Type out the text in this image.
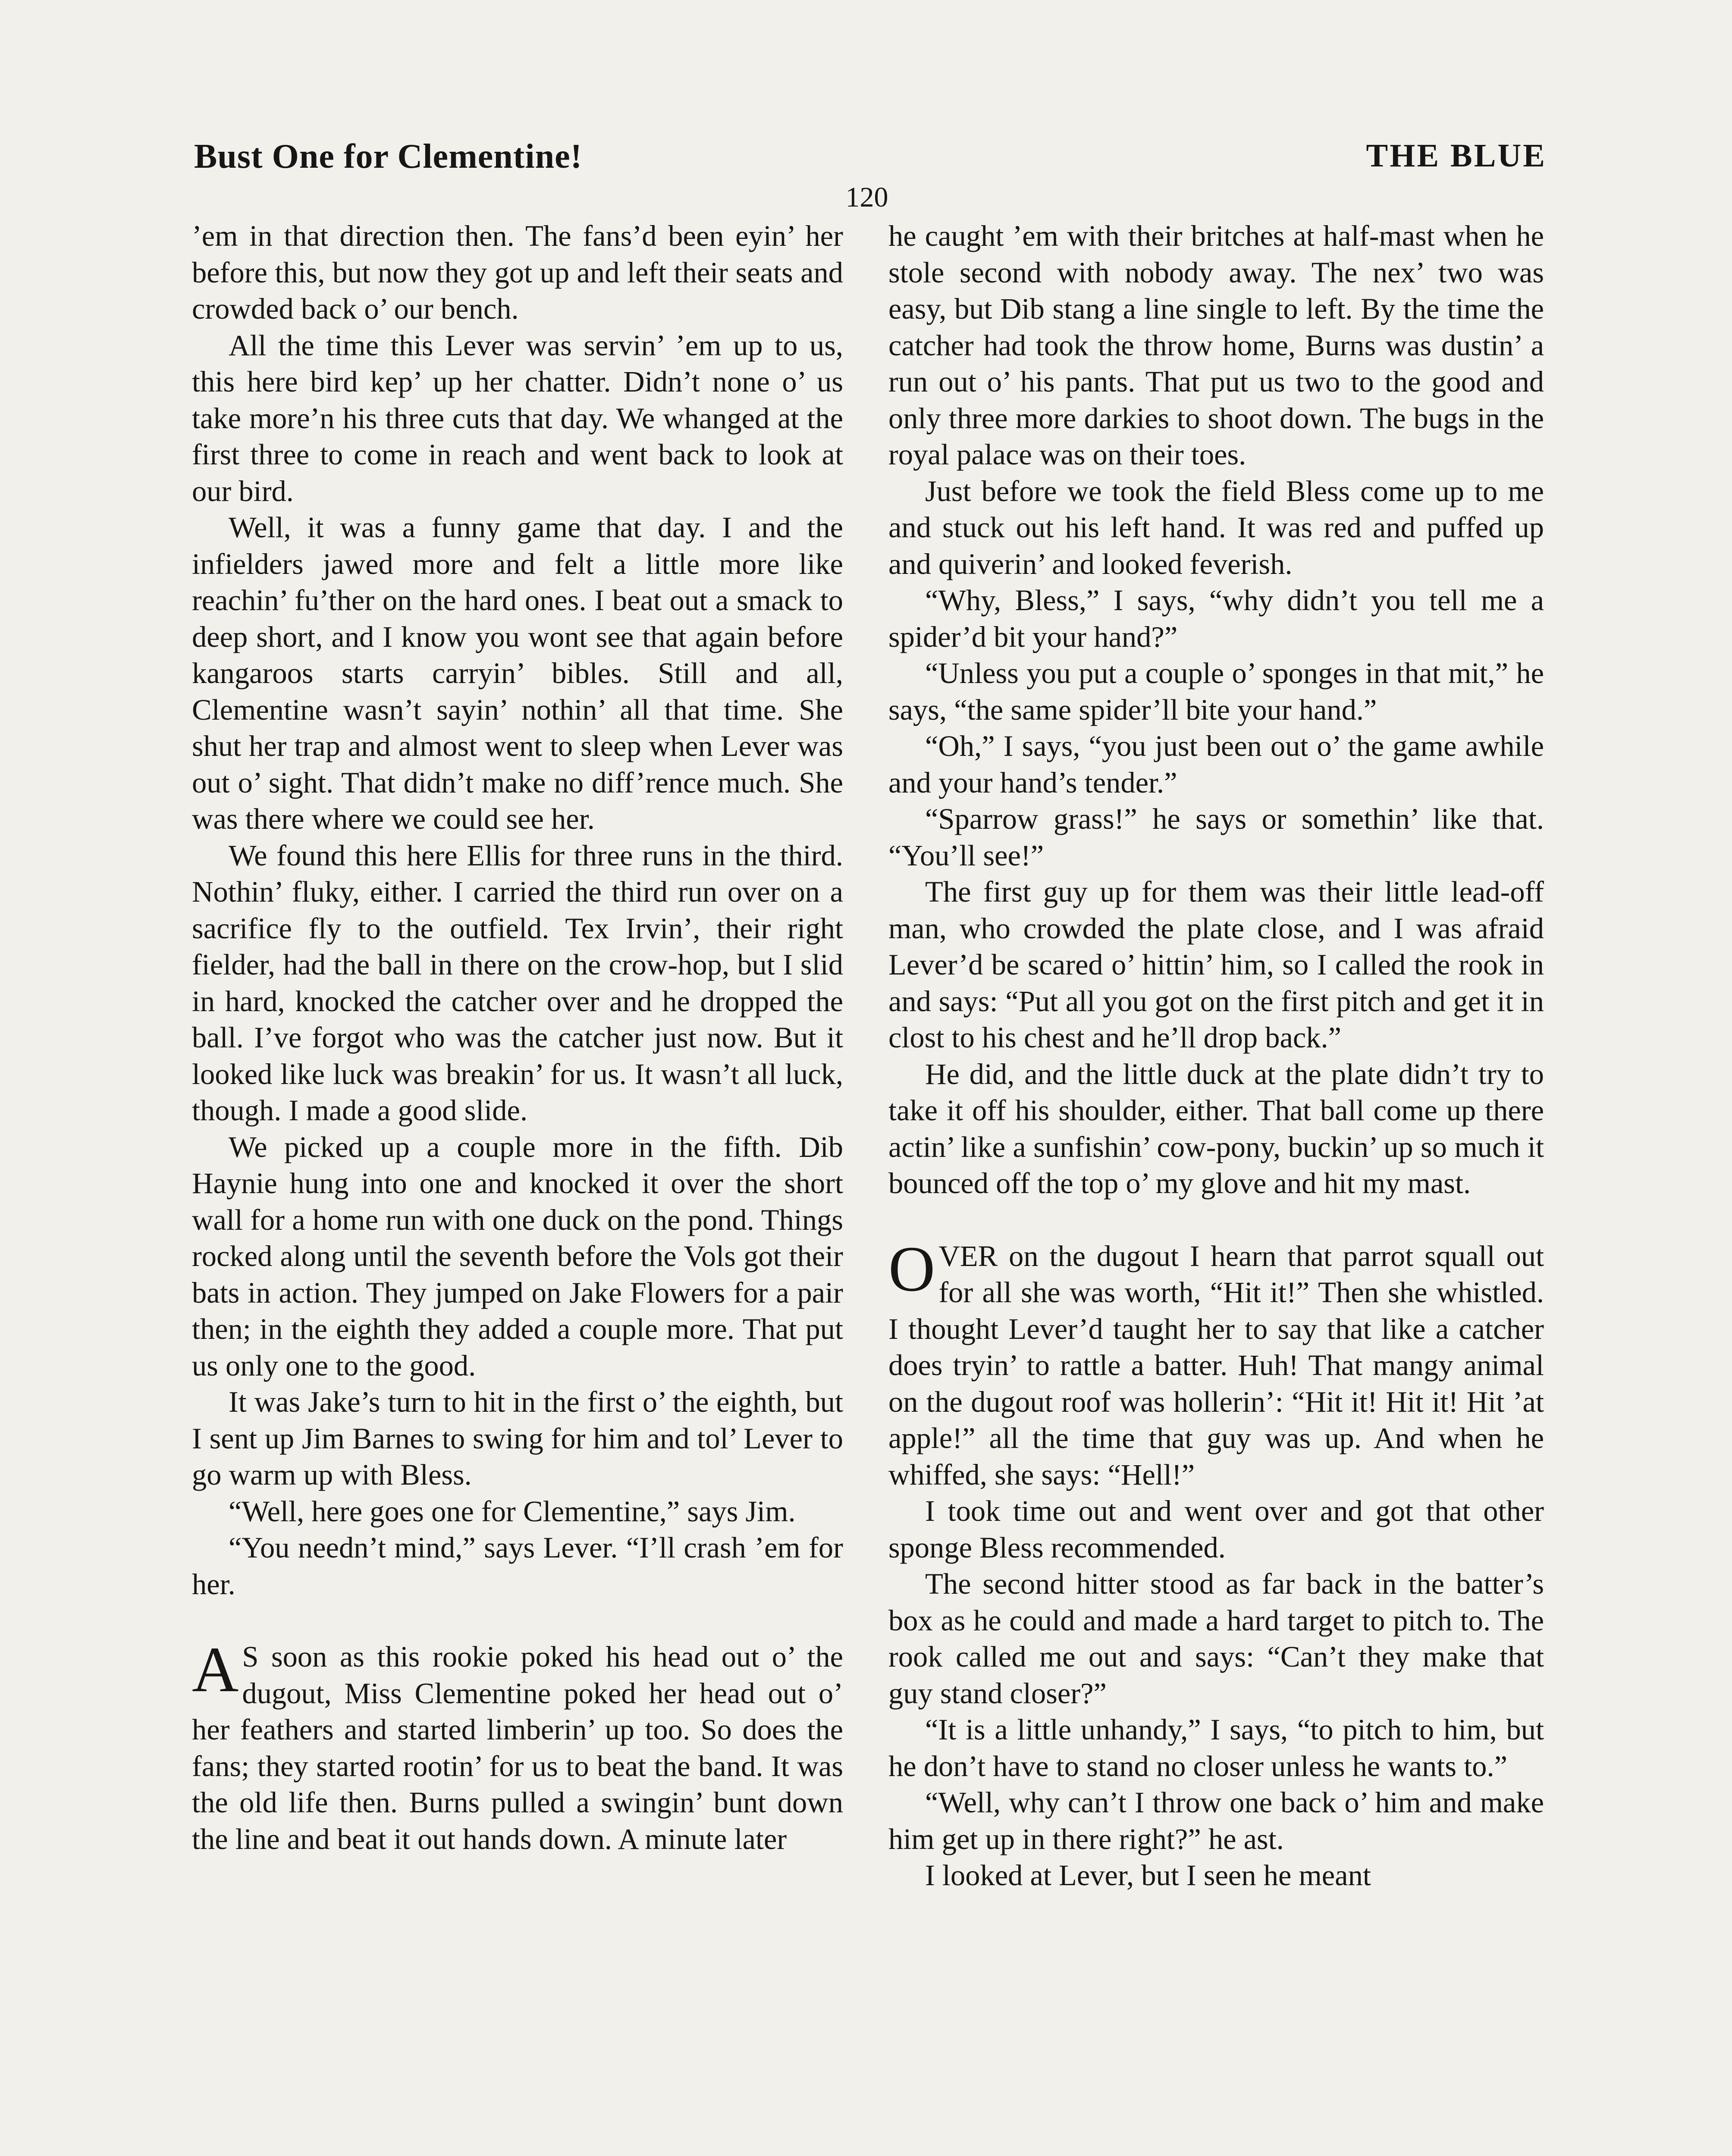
Bust One for Clementine!	THE BLUE
120

’em in that direction then. The fans’d been eyin’ her before this, but now they got up and left their seats and crowded back o’ our bench.

All the time this Lever was servin’ ’em up to us, this here bird kep’ up her chatter. Didn’t none o’ us take more’n his three cuts that day. We whanged at the first three to come in reach and went back to look at our bird.

Well, it was a funny game that day. I and the infielders jawed more and felt a little more like reachin’ fu’ther on the hard ones. I beat out a smack to deep short, and I know you wont see that again before kangaroos starts carryin’ bibles. Still and all, Clementine wasn’t sayin’ nothin’ all that time. She shut her trap and almost went to sleep when Lever was out o’ sight. That didn’t make no diff’rence much. She was there where we could see her.

We found this here Ellis for three runs in the third. Nothin’ fluky, either. I carried the third run over on a sacrifice fly to the outfield. Tex Irvin’, their right fielder, had the ball in there on the crow-hop, but I slid in hard, knocked the catcher over and he dropped the ball. I’ve forgot who was the catcher just now. But it looked like luck was breakin’ for us. It wasn’t all luck, though. I made a good slide.

We picked up a couple more in the fifth. Dib Haynie hung into one and knocked it over the short wall for a home run with one duck on the pond. Things rocked along until the seventh before the Vols got their bats in action. They jumped on Jake Flowers for a pair then; in the eighth they added a couple more. That put us only one to the good.

It was Jake’s turn to hit in the first o’ the eighth, but I sent up Jim Barnes to swing for him and tol’ Lever to go warm up with Bless.

“Well, here goes one for Clementine,” says Jim.

“You needn’t mind,” says Lever. “I’ll crash ’em for her.

A S soon as this rookie poked his head out o’ the dugout, Miss Clementine poked her head out o’ her feathers and started limberin’ up too. So does the fans; they started rootin’ for us to beat the band. It was the old life then. Burns pulled a swingin’ bunt down the line and beat it out hands down. A minute later

he caught ’em with their britches at half-mast when he stole second with nobody away. The nex’ two was easy, but Dib stang a line single to left. By the time the catcher had took the throw home, Burns was dustin’ a run out o’ his pants. That put us two to the good and only three more darkies to shoot down. The bugs in the royal palace was on their toes.

Just before we took the field Bless come up to me and stuck out his left hand. It was red and puffed up and quiverin’ and looked feverish.

“Why, Bless,” I says, “why didn’t you tell me a spider’d bit your hand?”

“Unless you put a couple o’ sponges in that mit,” he says, “the same spider’ll bite your hand.”

“Oh,” I says, “you just been out o’ the game awhile and your hand’s tender.”

“Sparrow grass!” he says or somethin’ like that. “You’ll see!”

The first guy up for them was their little lead-off man, who crowded the plate close, and I was afraid Lever’d be scared o’ hittin’ him, so I called the rook in and says: “Put all you got on the first pitch and get it in clost to his chest and he’ll drop back.”

He did, and the little duck at the plate didn’t try to take it off his shoulder, either. That ball come up there actin’ like a sunfishin’ cow-pony, buckin’ up so much it bounced off the top o’ my glove and hit my mast.

OVER on the dugout I hearn that parrot squall out for all she was worth, “Hit it!” Then she whistled. I thought Lever’d taught her to say that like a catcher does tryin’ to rattle a batter. Huh! That mangy animal on the dugout roof was hollerin’: “Hit it! Hit it! Hit ’at apple!” all the time that guy was up. And when he whiffed, she says: “Hell!”

I took time out and went over and got that other sponge Bless recommended.

The second hitter stood as far back in the batter’s box as he could and made a hard target to pitch to. The rook called me out and says: “Can’t they make that guy stand closer?”

“It is a little unhandy,” I says, “to pitch to him, but he don’t have to stand no closer unless he wants to.”

“Well, why can’t I throw one back o’ him and make him get up in there right?” he ast.

I looked at Lever, but I seen he meant
